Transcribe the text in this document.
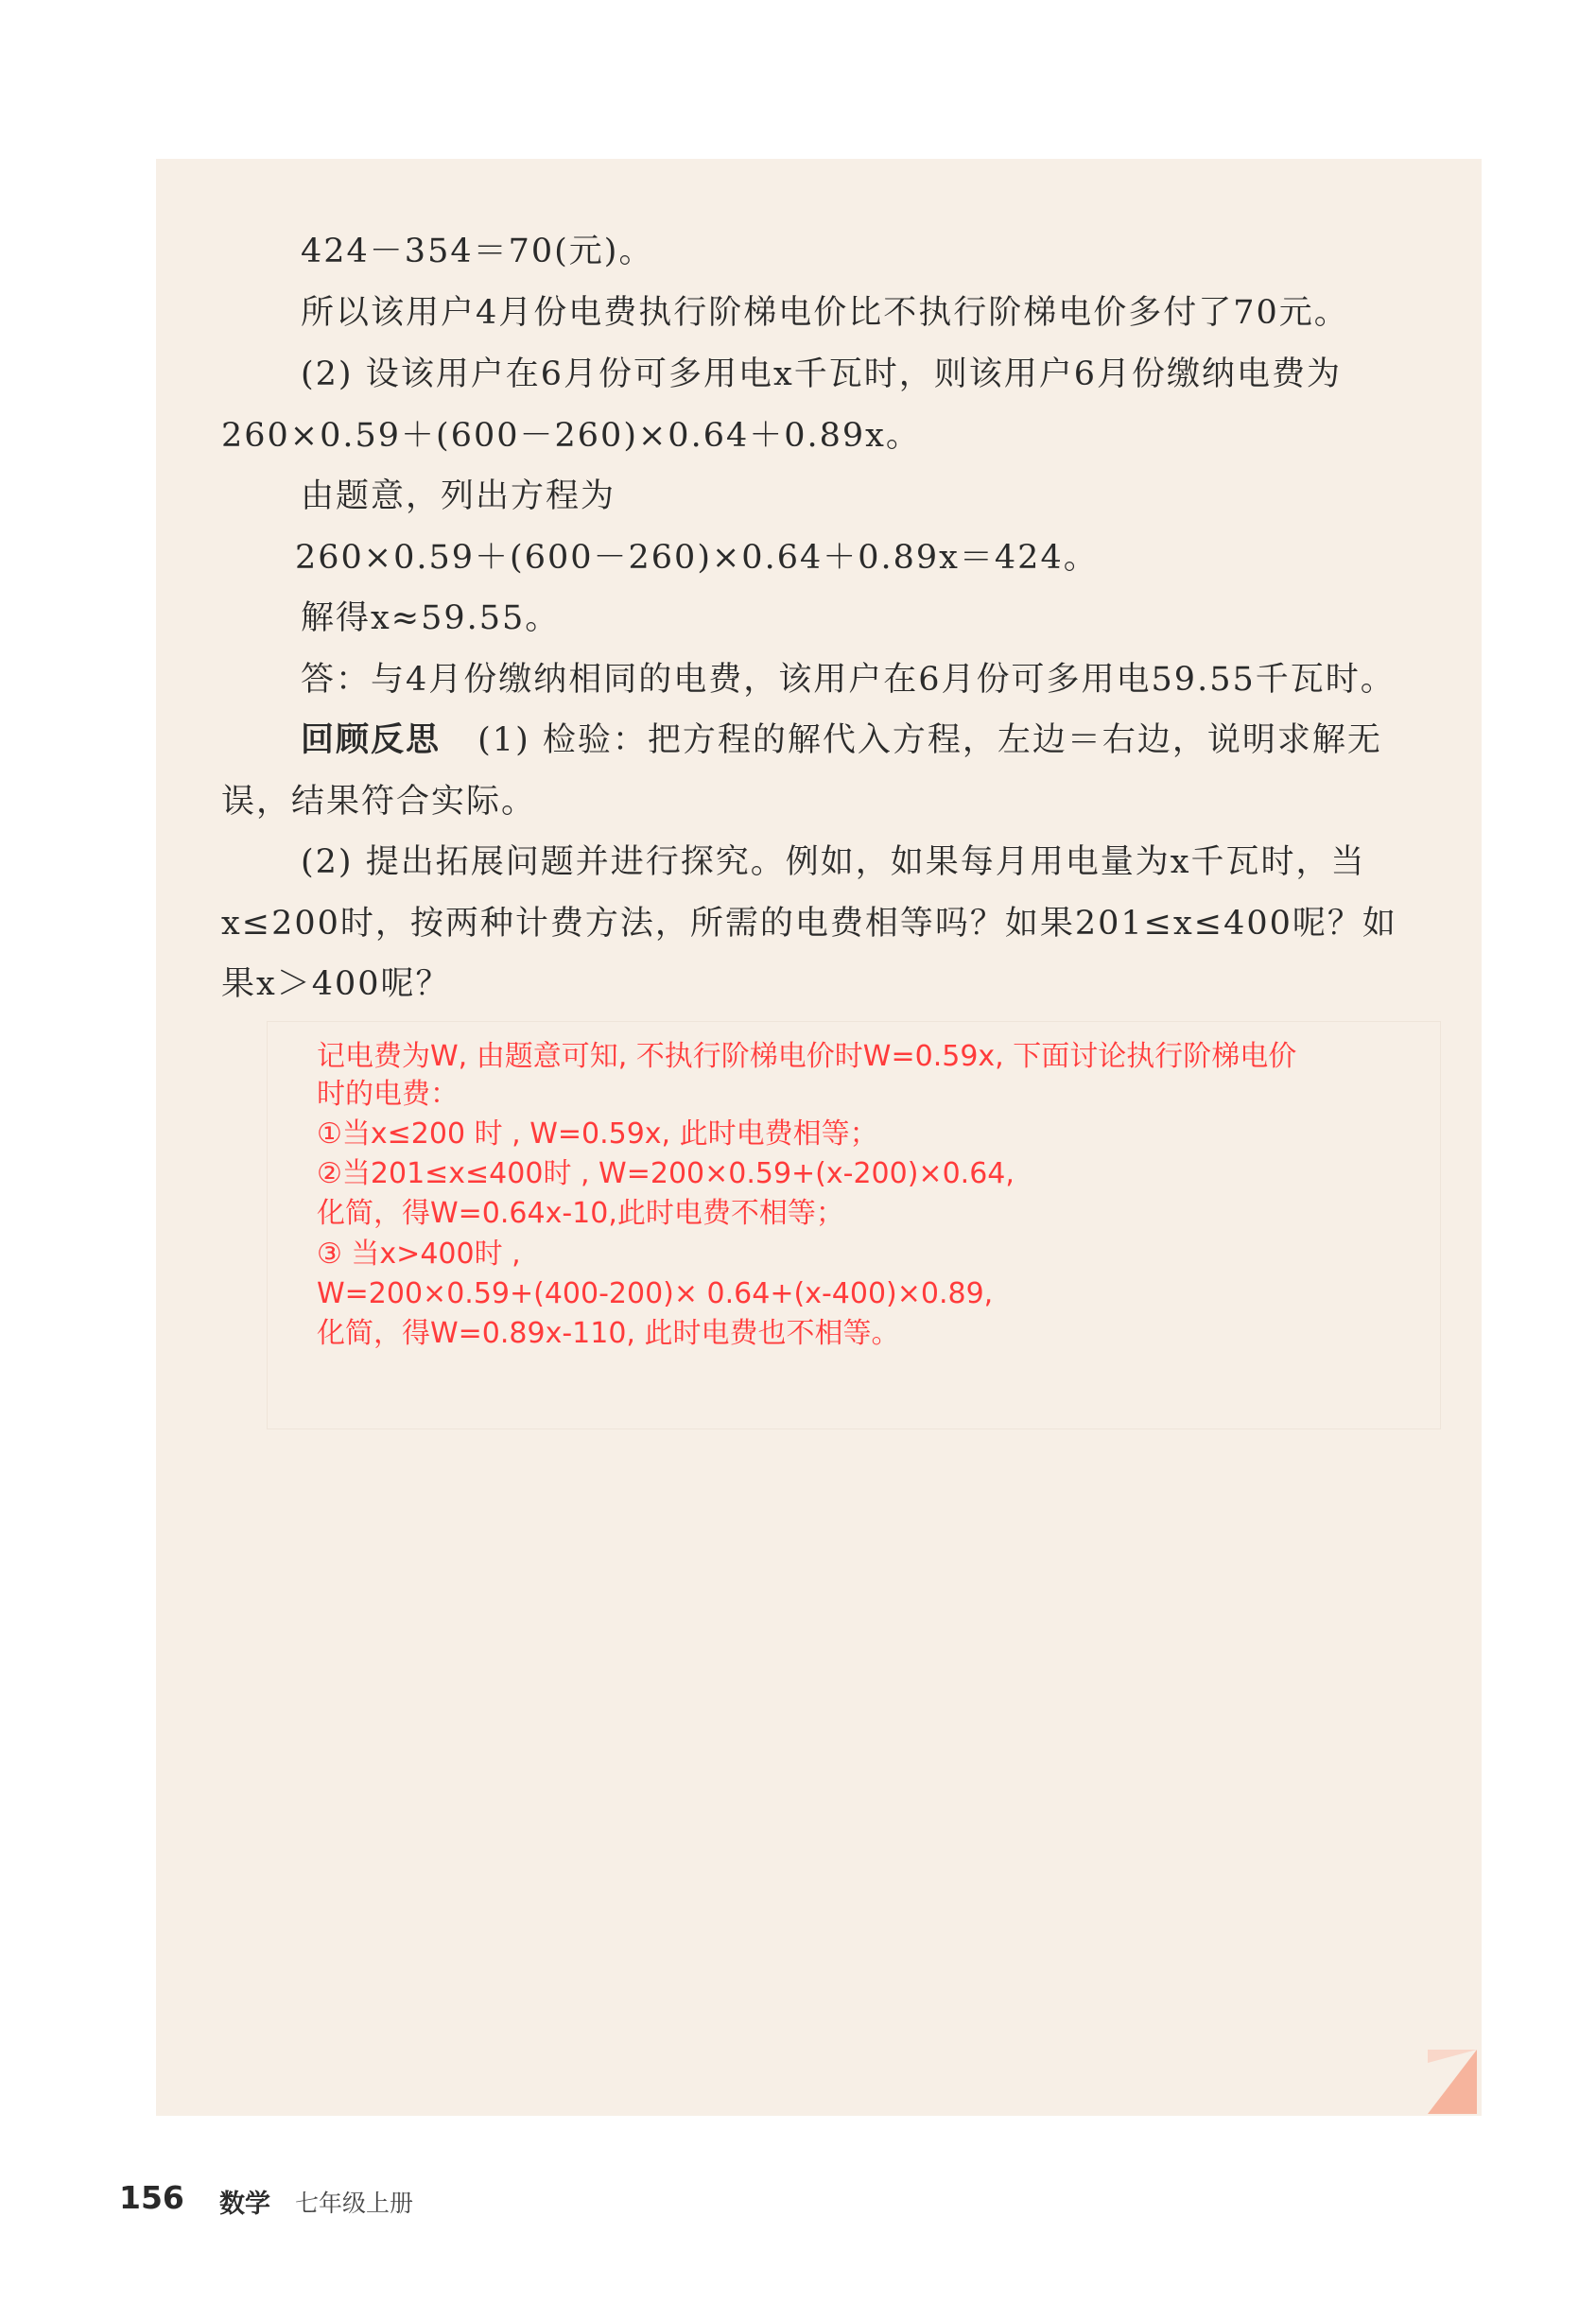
424－354＝70(元)。
所以该用户4月份电费执行阶梯电价比不执行阶梯电价多付了70元。
(2) 设该用户在6月份可多用电x千瓦时，则该用户6月份缴纳电费为
260×0.59＋(600－260)×0.64＋0.89x。
由题意，列出方程为
260×0.59＋(600－260)×0.64＋0.89x＝424。
解得x≈59.55。
答：与4月份缴纳相同的电费，该用户在6月份可多用电59.55千瓦时。
回顾反思 (1) 检验：把方程的解代入方程，左边＝右边，说明求解无
误，结果符合实际。
(2) 提出拓展问题并进行探究。例如，如果每月用电量为x千瓦时，当
x≤200时，按两种计费方法，所需的电费相等吗？如果201≤x≤400呢？如
果x＞400呢？
记电费为W, 由题意可知, 不执行阶梯电价时W=0.59x, 下面讨论执行阶梯电价
时的电费：
①当x≤200 时 , W=0.59x, 此时电费相等；
②当201≤x≤400时 , W=200×0.59+(x-200)×0.64,
化简，得W=0.64x-10,此时电费不相等；
③ 当x>400时 ,
W=200×0.59+(400-200)× 0.64+(x-400)×0.89,
化简，得W=0.89x-110, 此时电费也不相等。
156 数学 七年级上册
